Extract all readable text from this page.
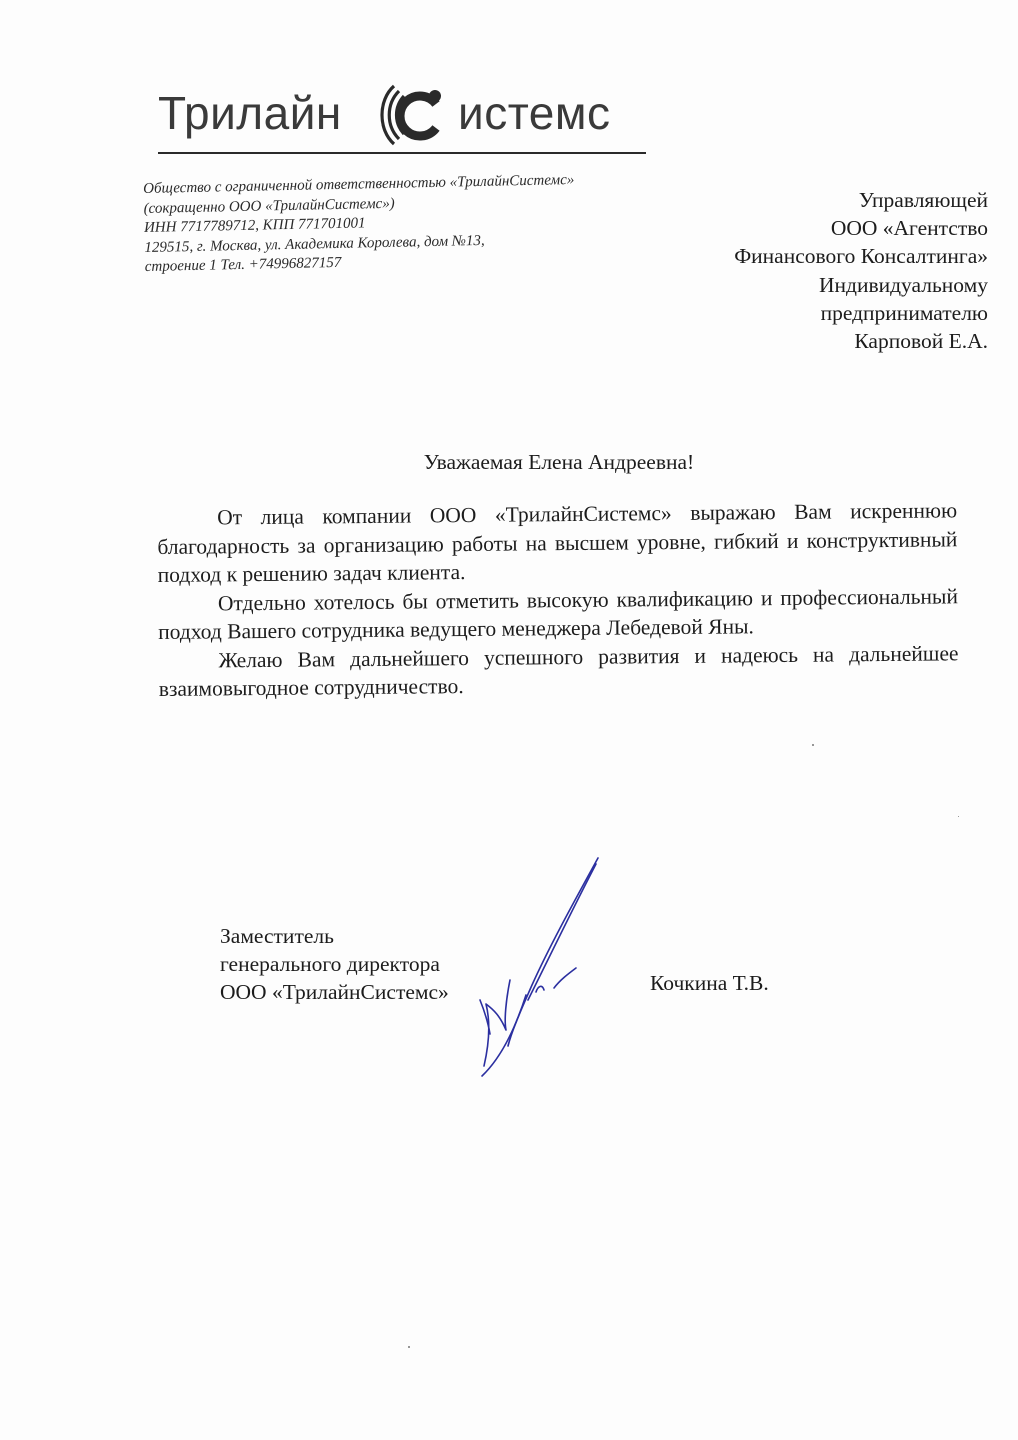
Трилайн	истемс
Общество с ограниченной ответственностью «ТрилайнСистемс»
(сокращенно ООО «ТрилайнСистемс»)
ИНН 7717789712, КПП 771701001
129515, г. Москва, ул. Академика Королева, дом №13,
строение 1 Тел. +74996827157
Управляющей
ООО «Агентство
Финансового Консалтинга»
Индивидуальному
предпринимателю
Карповой Е.А.
Уважаемая Елена Андреевна!

От лица компании ООО «ТрилайнСистемс» выражаю Вам искреннюю благодарность за организацию работы на высшем уровне, гибкий и конструктивный подход к решению задач клиента.

Отдельно хотелось бы отметить высокую квалификацию и профессиональный подход Вашего сотрудника ведущего менеджера Лебедевой Яны.

Желаю Вам дальнейшего успешного развития и надеюсь на дальнейшее взаимовыгодное сотрудничество.

Заместитель
генерального директора
ООО «ТрилайнСистемс»	Кочкина Т.В.
